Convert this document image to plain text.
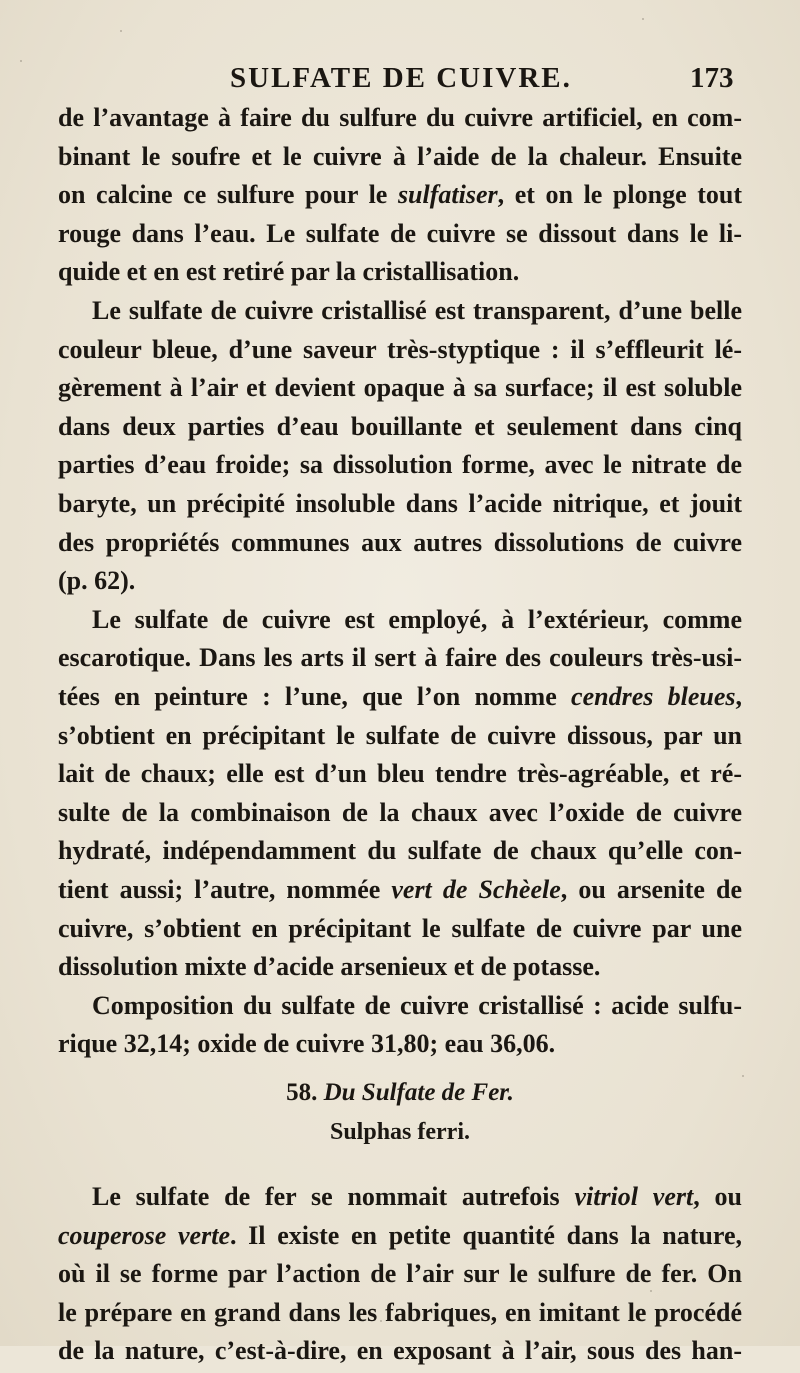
SULFATE DE CUIVRE.	173
de l’avantage à faire du sulfure du cuivre artificiel, en com-
binant le soufre et le cuivre à l’aide de la chaleur. Ensuite
on calcine ce sulfure pour le sulfatiser, et on le plonge tout
rouge dans l’eau. Le sulfate de cuivre se dissout dans le li-
quide et en est retiré par la cristallisation.
Le sulfate de cuivre cristallisé est transparent, d’une belle
couleur bleue, d’une saveur très-styptique : il s’effleurit lé-
gèrement à l’air et devient opaque à sa surface; il est soluble
dans deux parties d’eau bouillante et seulement dans cinq
parties d’eau froide; sa dissolution forme, avec le nitrate de
baryte, un précipité insoluble dans l’acide nitrique, et jouit
des propriétés communes aux autres dissolutions de cuivre
(p. 62).
Le sulfate de cuivre est employé, à l’extérieur, comme
escarotique. Dans les arts il sert à faire des couleurs très-usi-
tées en peinture : l’une, que l’on nomme cendres bleues,
s’obtient en précipitant le sulfate de cuivre dissous, par un
lait de chaux; elle est d’un bleu tendre très-agréable, et ré-
sulte de la combinaison de la chaux avec l’oxide de cuivre
hydraté, indépendamment du sulfate de chaux qu’elle con-
tient aussi; l’autre, nommée vert de Schèele, ou arsenite de
cuivre, s’obtient en précipitant le sulfate de cuivre par une
dissolution mixte d’acide arsenieux et de potasse.
Composition du sulfate de cuivre cristallisé : acide sulfu-
rique 32,14; oxide de cuivre 31,80; eau 36,06.
58. Du Sulfate de Fer.
Sulphas ferri.
Le sulfate de fer se nommait autrefois vitriol vert, ou
couperose verte. Il existe en petite quantité dans la nature,
où il se forme par l’action de l’air sur le sulfure de fer. On
le prépare en grand dans les fabriques, en imitant le procédé
de la nature, c’est-à-dire, en exposant à l’air, sous des han-
